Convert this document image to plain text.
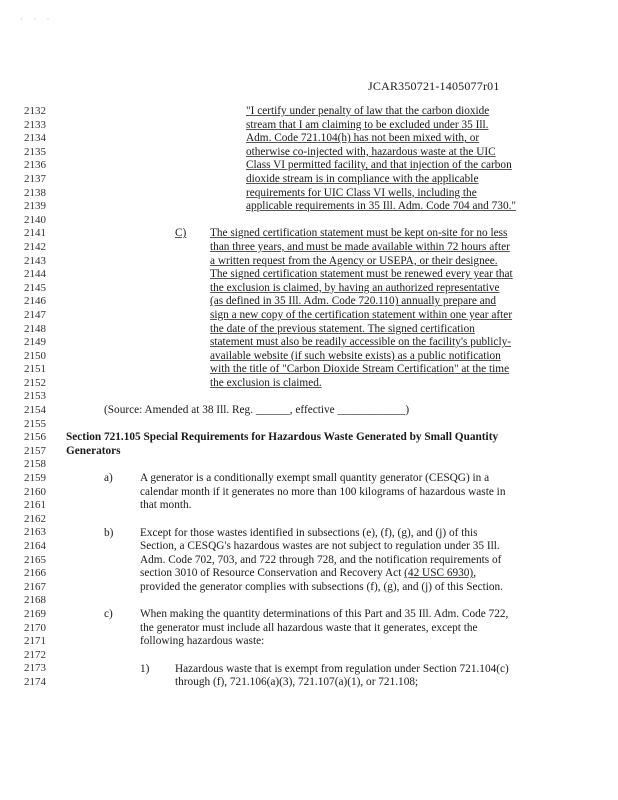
· · ·
JCAR350721-1405077r01
2132
2133
2134
2135
2136
2137
2138
2139
2140
2141
2142
2143
2144
2145
2146
2147
2148
2149
2150
2151
2152
2153
2154
2155
2156
2157
2158
2159
2160
2161
2162
2163
2164
2165
2166
2167
2168
2169
2170
2171
2172
2173
2174
"I certify under penalty of law that the carbon dioxide
stream that I am claiming to be excluded under 35 Ill.
Adm. Code 721.104(h) has not been mixed with, or
otherwise co-injected with, hazardous waste at the UIC
Class VI permitted facility, and that injection of the carbon
dioxide stream is in compliance with the applicable
requirements for UIC Class VI wells, including the
applicable requirements in 35 Ill. Adm. Code 704 and 730."
C) The signed certification statement must be kept on-site for no less
than three years, and must be made available within 72 hours after
a written request from the Agency or USEPA, or their designee.
The signed certification statement must be renewed every year that
the exclusion is claimed, by having an authorized representative
(as defined in 35 Ill. Adm. Code 720.110) annually prepare and
sign a new copy of the certification statement within one year after
the date of the previous statement. The signed certification
statement must also be readily accessible on the facility's publicly-
available website (if such website exists) as a public notification
with the title of "Carbon Dioxide Stream Certification" at the time
the exclusion is claimed.
(Source: Amended at 38 Ill. Reg. ______, effective ____________)
Section 721.105 Special Requirements for Hazardous Waste Generated by Small Quantity
Generators
a) A generator is a conditionally exempt small quantity generator (CESQG) in a
calendar month if it generates no more than 100 kilograms of hazardous waste in
that month.
b) Except for those wastes identified in subsections (e), (f), (g), and (j) of this
Section, a CESQG's hazardous wastes are not subject to regulation under 35 Ill.
Adm. Code 702, 703, and 722 through 728, and the notification requirements of
section 3010 of Resource Conservation and Recovery Act (42 USC 6930),
provided the generator complies with subsections (f), (g), and (j) of this Section.
c) When making the quantity determinations of this Part and 35 Ill. Adm. Code 722,
the generator must include all hazardous waste that it generates, except the
following hazardous waste:
1) Hazardous waste that is exempt from regulation under Section 721.104(c)
through (f), 721.106(a)(3), 721.107(a)(1), or 721.108;
